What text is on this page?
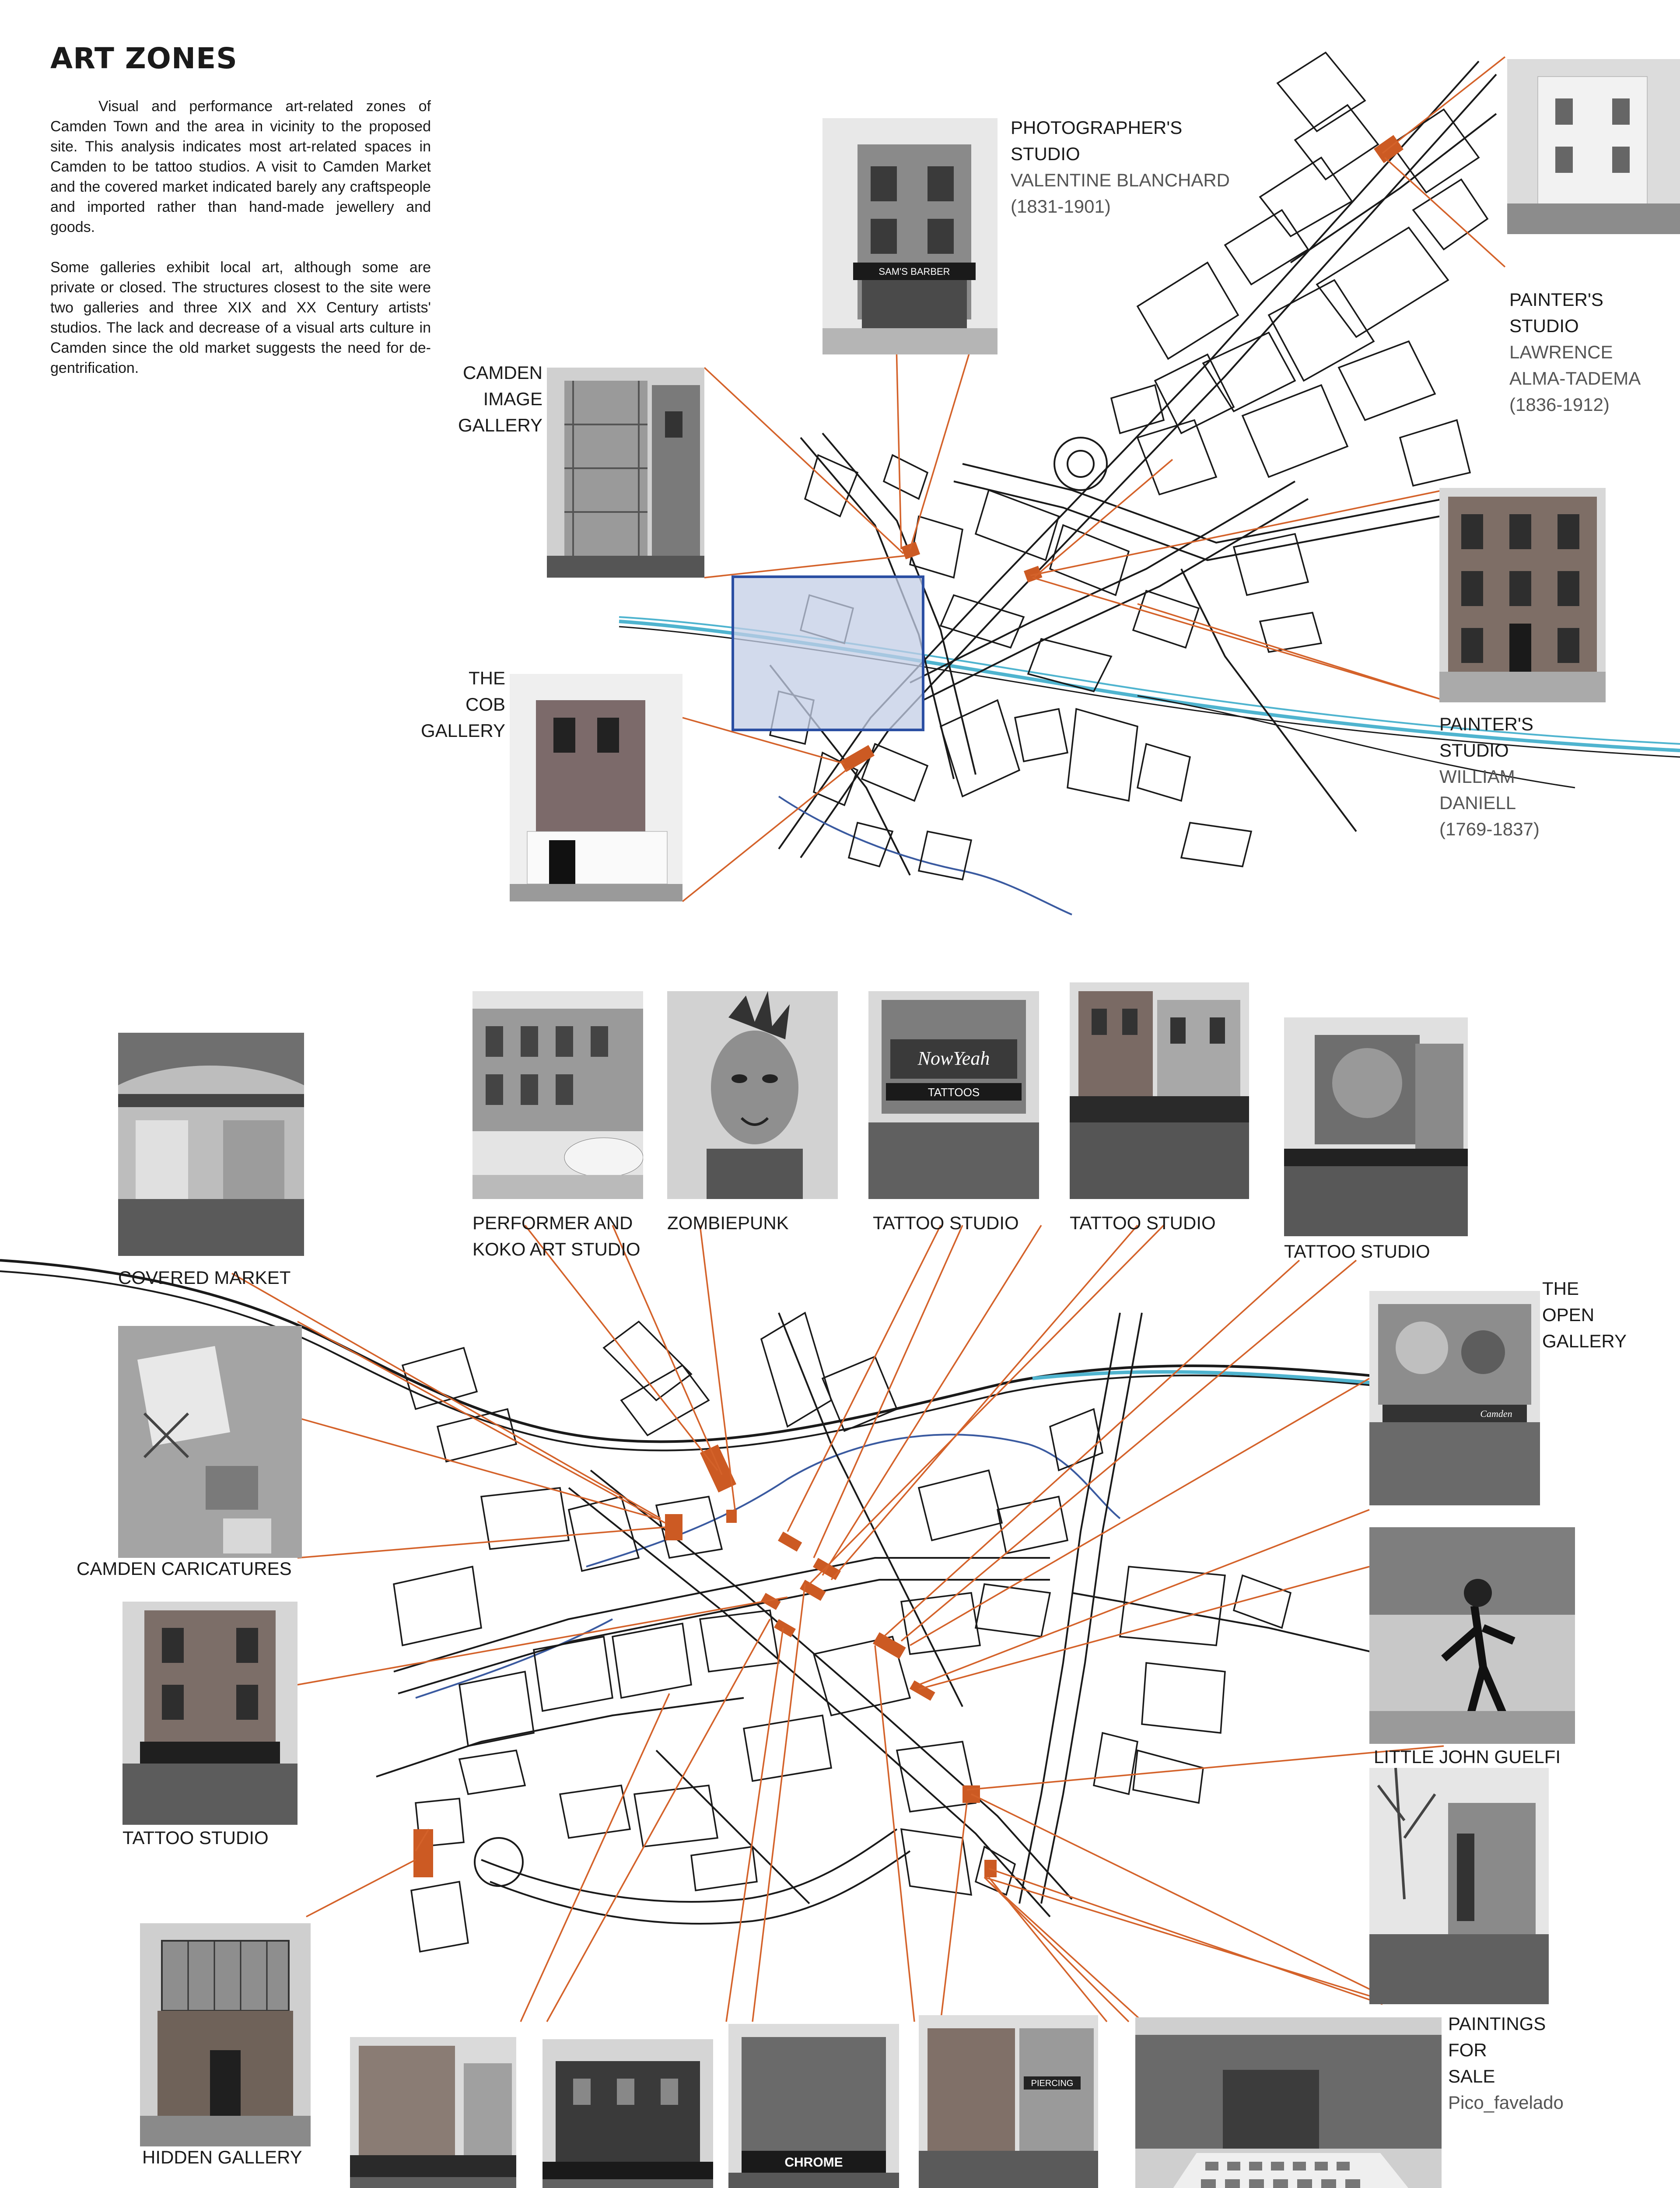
ART ZONES

Visual and performance art-related zones of Camden Town and the area in vicinity to the proposed site. This analysis indicates most art-related spaces in Camden to be tattoo studios. A visit to Camden Market and the covered market indicated barely any craftspeople and imported rather than hand-made jewellery and goods.

Some galleries exhibit local art, although some are private or closed. The structures closest to the site were two galleries and three XIX and XX Century artists' studios. The lack and decrease of a visual arts culture in Camden since the old market suggests the need for de-gentrification.

SAM'S BARBER
PHOTOGRAPHER'S
STUDIO
VALENTINE BLANCHARD
(1831-1901)
PAINTER'S
STUDIO
LAWRENCE
ALMA-TADEMA
(1836-1912)
CAMDEN
IMAGE
GALLERY
THE
COB
GALLERY	PAINTER'S
STUDIO
WILLIAM
DANIELL
(1769-1837)
NowYeah
TATTOOS
Camden
CHROME
PIERCING
COVERED MARKET
PERFORMER AND
KOKO ART STUDIO
ZOMBIEPUNK	TATTOO STUDIO	TATTOO STUDIO
TATTOO STUDIO
THE
OPEN
GALLERY
CAMDEN CARICATURES
LITTLE JOHN GUELFI
TATTOO STUDIO
PAINTINGS
FOR
SALE
Pico_favelado
HIDDEN GALLERY
